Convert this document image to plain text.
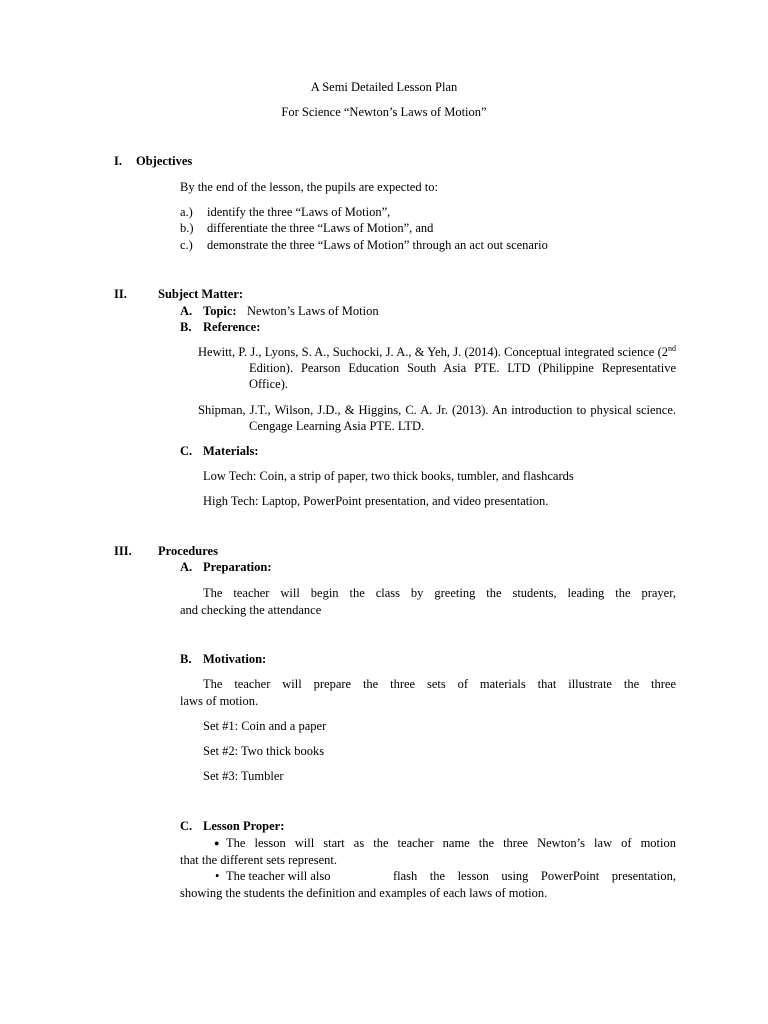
A Semi Detailed Lesson Plan
For Science “Newton’s Laws of Motion”
I. Objectives
By the end of the lesson, the pupils are expected to:
a.) identify the three “Laws of Motion”,
b.) differentiate the three “Laws of Motion”, and
c.) demonstrate the three “Laws of Motion” through an act out scenario
II. Subject Matter:
A. Topic: Newton’s Laws of Motion
B. Reference:
Hewitt, P. J., Lyons, S. A., Suchocki, J. A., & Yeh, J. (2014). Conceptual integrated science (2nd Edition). Pearson Education South Asia PTE. LTD (Philippine Representative Office).
Shipman, J.T., Wilson, J.D., & Higgins, C. A. Jr. (2013). An introduction to physical science. Cengage Learning Asia PTE. LTD.
C. Materials:
Low Tech: Coin, a strip of paper, two thick books, tumbler, and flashcards
High Tech: Laptop, PowerPoint presentation, and video presentation.
III. Procedures
A. Preparation:
The teacher will begin the class by greeting the students, leading the prayer,
and checking the attendance
B. Motivation:
The teacher will prepare the three sets of materials that illustrate the three
laws of motion.
Set #1: Coin and a paper
Set #2: Two thick books
Set #3: Tumbler
C. Lesson Proper:
● The lesson will start as the teacher name the three Newton’s law of motion
that the different sets represent.
• The teacher will also	flash the lesson using PowerPoint presentation,
showing the students the definition and examples of each laws of motion.
